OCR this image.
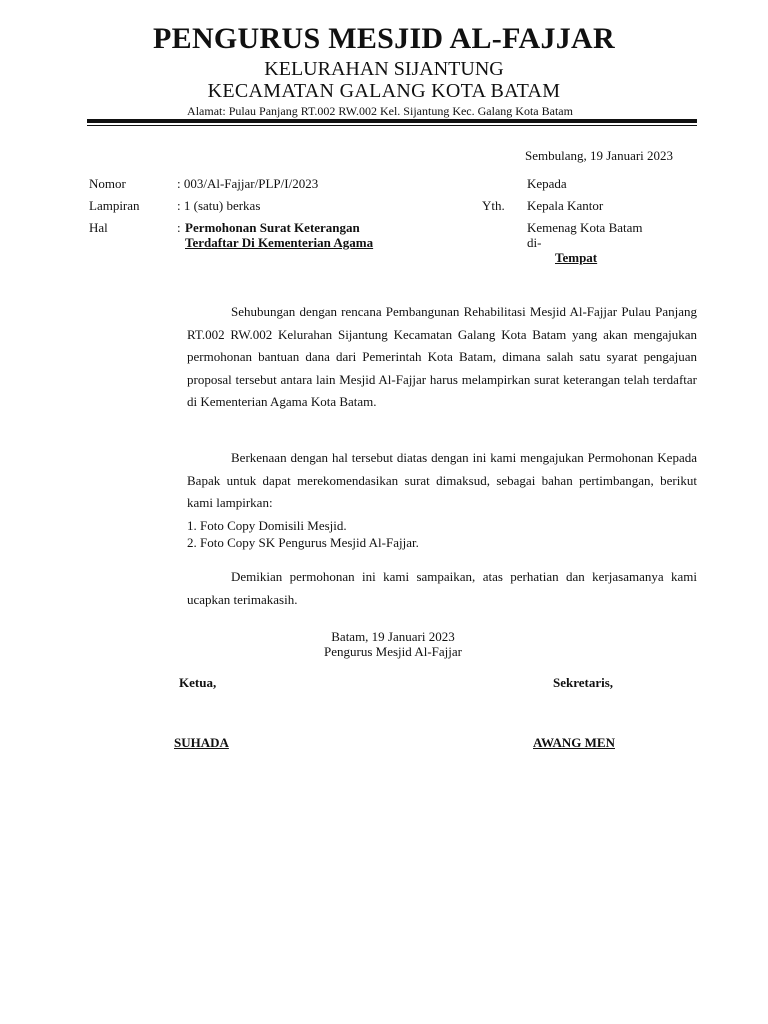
PENGURUS MESJID AL-FAJJAR
KELURAHAN SIJANTUNG
KECAMATAN GALANG KOTA BATAM
Alamat: Pulau Panjang RT.002 RW.002 Kel. Sijantung Kec. Galang Kota Batam
Sembulang, 19 Januari 2023
Nomor	: 003/Al-Fajjar/PLP/I/2023
Lampiran	: 1 (satu) berkas
Hal	: Permohonan Surat Keterangan
Terdaftar Di Kementerian Agama
Kepada
Yth. Kepala Kantor
Kemenag Kota Batam
di-
Tempat
Sehubungan dengan rencana Pembangunan Rehabilitasi Mesjid Al-Fajjar Pulau Panjang RT.002 RW.002 Kelurahan Sijantung Kecamatan Galang Kota Batam yang akan mengajukan permohonan bantuan dana dari Pemerintah Kota Batam, dimana salah satu syarat pengajuan proposal tersebut antara lain Mesjid Al-Fajjar harus melampirkan surat keterangan telah terdaftar di Kementerian Agama Kota Batam.
Berkenaan dengan hal tersebut diatas dengan ini kami mengajukan Permohonan Kepada Bapak untuk dapat merekomendasikan surat dimaksud, sebagai bahan pertimbangan, berikut kami lampirkan:
1. Foto Copy Domisili Mesjid.
2. Foto Copy SK Pengurus Mesjid Al-Fajjar.
Demikian permohonan ini kami sampaikan, atas perhatian dan kerjasamanya kami ucapkan terimakasih.
Batam, 19 Januari 2023
Pengurus Mesjid Al-Fajjar
Ketua,	Sekretaris,
SUHADA	AWANG MEN
